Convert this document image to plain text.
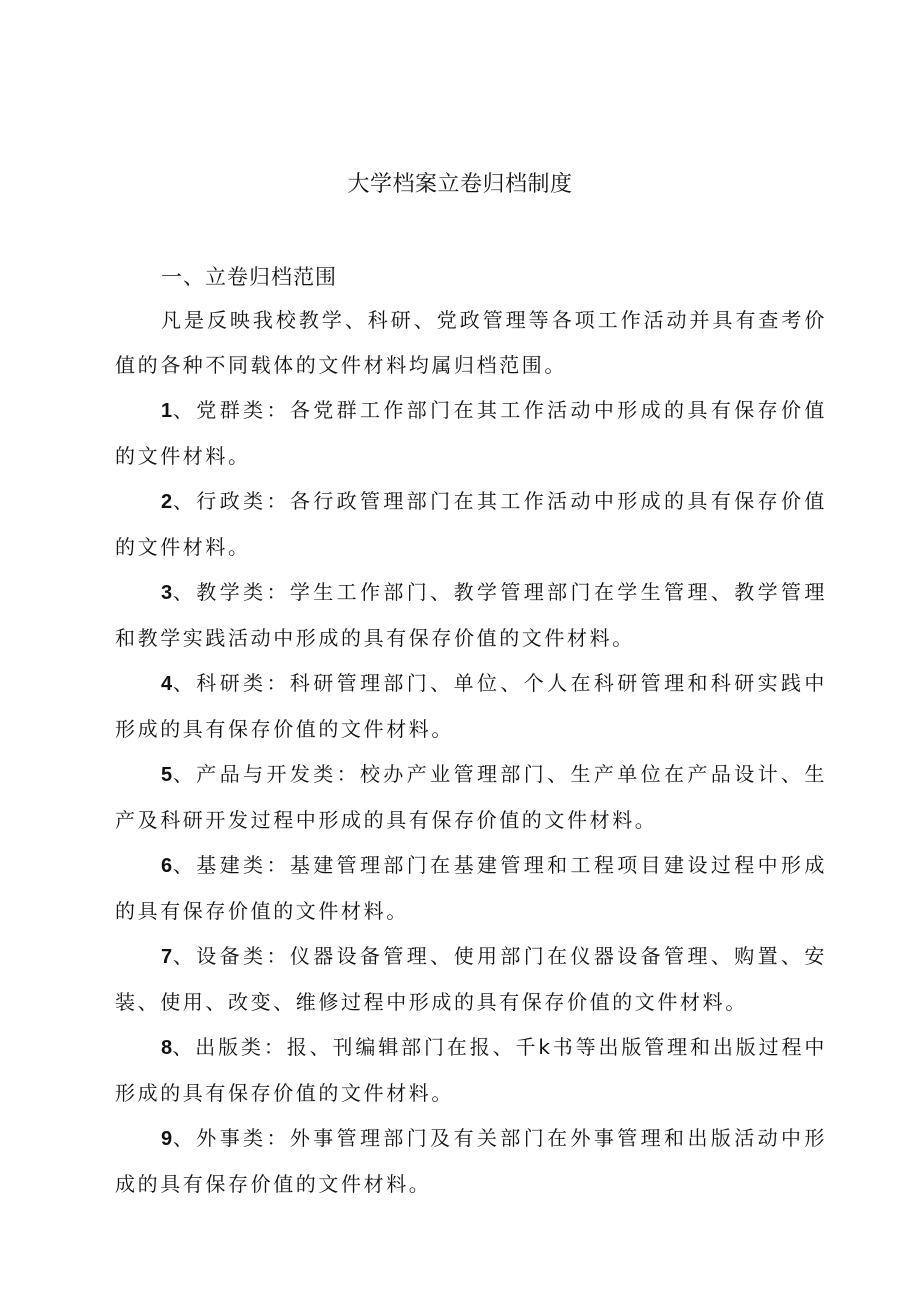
大学档案立卷归档制度
一、立卷归档范围

凡是反映我校教学、科研、党政管理等各项工作活动并具有查考价值的各种不同载体的文件材料均属归档范围。

1、党群类：各党群工作部门在其工作活动中形成的具有保存价值的文件材料。

2、行政类：各行政管理部门在其工作活动中形成的具有保存价值的文件材料。

3、教学类：学生工作部门、教学管理部门在学生管理、教学管理和教学实践活动中形成的具有保存价值的文件材料。

4、科研类：科研管理部门、单位、个人在科研管理和科研实践中形成的具有保存价值的文件材料。

5、产品与开发类：校办产业管理部门、生产单位在产品设计、生产及科研开发过程中形成的具有保存价值的文件材料。

6、基建类：基建管理部门在基建管理和工程项目建设过程中形成的具有保存价值的文件材料。

7、设备类：仪器设备管理、使用部门在仪器设备管理、购置、安装、使用、改变、维修过程中形成的具有保存价值的文件材料。

8、出版类：报、刊编辑部门在报、千k书等出版管理和出版过程中形成的具有保存价值的文件材料。

9、外事类：外事管理部门及有关部门在外事管理和出版活动中形成的具有保存价值的文件材料。
